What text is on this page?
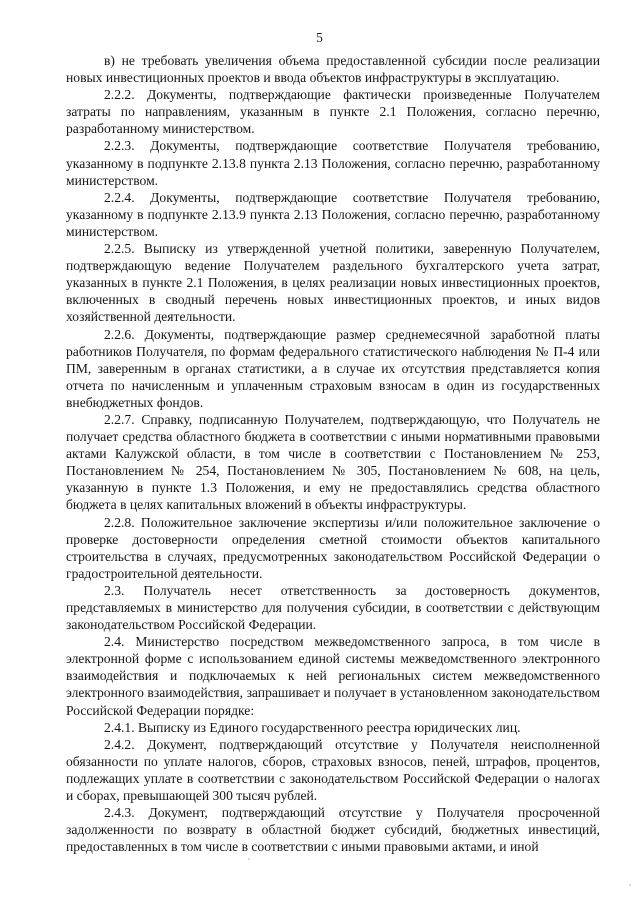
5

в) не требовать увеличения объема предоставленной субсидии после реализации новых инвестиционных проектов и ввода объектов инфраструктуры в эксплуатацию.

2.2.2. Документы, подтверждающие фактически произведенные Получателем затраты по направлениям, указанным в пункте 2.1 Положения, согласно перечню, разработанному министерством.

2.2.3. Документы, подтверждающие соответствие Получателя требованию, указанному в подпункте 2.13.8 пункта 2.13 Положения, согласно перечню, разработанному министерством.

2.2.4. Документы, подтверждающие соответствие Получателя требованию, указанному в подпункте 2.13.9 пункта 2.13 Положения, согласно перечню, разработанному министерством.

2.2.5. Выписку из утвержденной учетной политики, заверенную Получателем, подтверждающую ведение Получателем раздельного бухгалтерского учета затрат, указанных в пункте 2.1 Положения, в целях реализации новых инвестиционных проектов, включенных в сводный перечень новых инвестиционных проектов, и иных видов хозяйственной деятельности.

2.2.6. Документы, подтверждающие размер среднемесячной заработной платы работников Получателя, по формам федерального статистического наблюдения № П-4 или ПМ, заверенным в органах статистики, а в случае их отсутствия представляется копия отчета по начисленным и уплаченным страховым взносам в один из государственных внебюджетных фондов.

2.2.7. Справку, подписанную Получателем, подтверждающую, что Получатель не получает средства областного бюджета в соответствии с иными нормативными правовыми актами Калужской области, в том числе в соответствии с Постановлением № 253, Постановлением № 254, Постановлением № 305, Постановлением № 608, на цель, указанную в пункте 1.3 Положения, и ему не предоставлялись средства областного бюджета в целях капитальных вложений в объекты инфраструктуры.

2.2.8. Положительное заключение экспертизы и/или положительное заключение о проверке достоверности определения сметной стоимости объектов капитального строительства в случаях, предусмотренных законодательством Российской Федерации о градостроительной деятельности.

2.3. Получатель несет ответственность за достоверность документов, представляемых в министерство для получения субсидии, в соответствии с действующим законодательством Российской Федерации.

2.4. Министерство посредством межведомственного запроса, в том числе в электронной форме с использованием единой системы межведомственного электронного взаимодействия и подключаемых к ней региональных систем межведомственного электронного взаимодействия, запрашивает и получает в установленном законодательством Российской Федерации порядке:

2.4.1. Выписку из Единого государственного реестра юридических лиц.

2.4.2. Документ, подтверждающий отсутствие у Получателя неисполненной обязанности по уплате налогов, сборов, страховых взносов, пеней, штрафов, процентов, подлежащих уплате в соответствии с законодательством Российской Федерации о налогах и сборах, превышающей 300 тысяч рублей.

2.4.3. Документ, подтверждающий отсутствие у Получателя просроченной задолженности по возврату в областной бюджет субсидий, бюджетных инвестиций, предоставленных в том числе в соответствии с иными правовыми актами, и иной
